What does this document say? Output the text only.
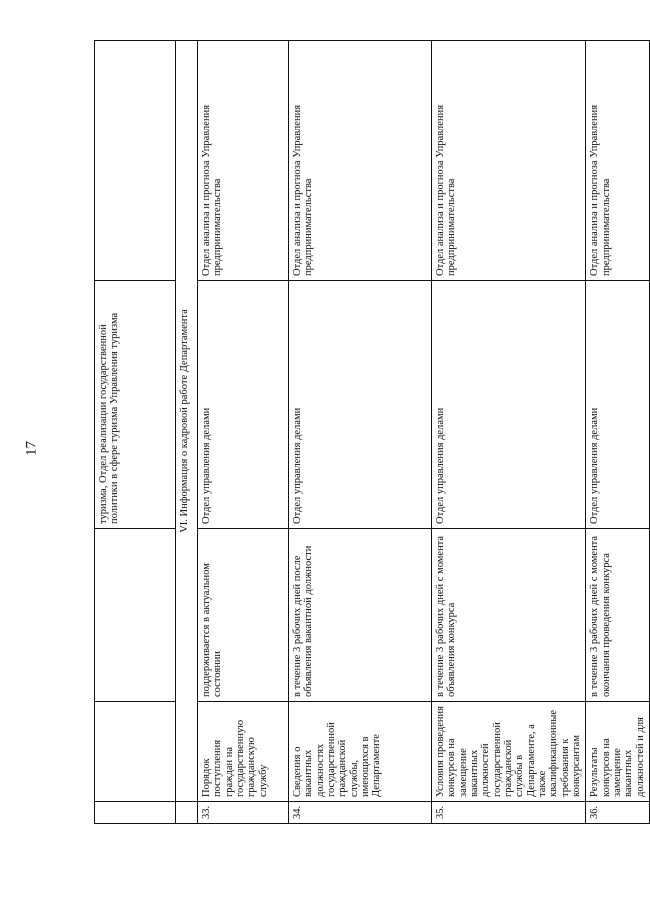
17
				туризма, Отдел реализации государственной политики в сфере туризма Управления туризма	
	VI. Информация о кадровой работе Департамента			
33.	Порядок поступления граждан на государственную гражданскую службу	поддерживается в актуальном состоянии	Отдел управления делами	Отдел анализа и прогноза Управления предпринимательства
34.	Сведения о вакантных должностях государственной гражданской службы, имеющихся в Департаменте	в течение 3 рабочих дней после объявления вакантной должности	Отдел управления делами	Отдел анализа и прогноза Управления предпринимательства
35.	Условия проведения конкурсов на замещение вакантных должностей государственной гражданской службы в Департаменте, а также квалификационные требования к конкурсантам	в течение 3 рабочих дней с момента объявления конкурса	Отдел управления делами	Отдел анализа и прогноза Управления предпринимательства
36.	Результаты конкурсов на замещение вакантных должностей и для	в течение 3 рабочих дней с момента окончания проведения конкурса	Отдел управления делами	Отдел анализа и прогноза Управления предпринимательства
